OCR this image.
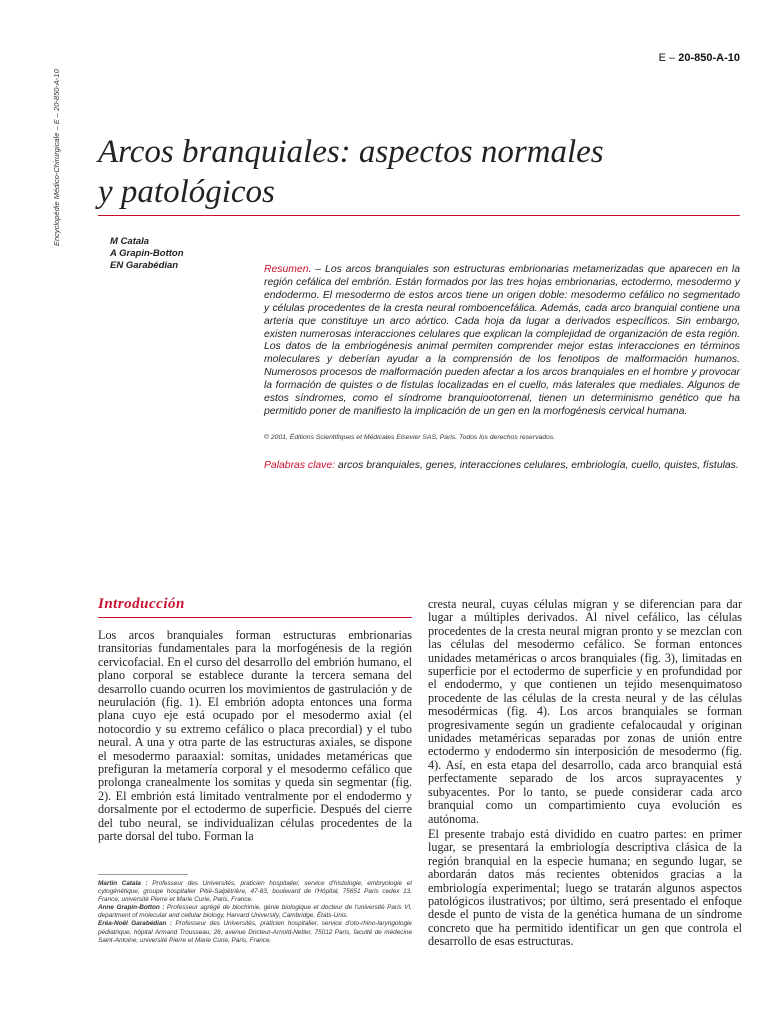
Encyclopédie Médico-Chirurgicale – E – 20-850-A-10
E – 20-850-A-10
Arcos branquiales: aspectos normales
y patológicos
M Catala
A Grapin-Botton
EN Garabédian	Resumen. – Los arcos branquiales son estructuras embrionarias metamerizadas que aparecen en la región cefálica del embrión. Están formados por las tres hojas embrionarias, ectodermo, mesodermo y endodermo. El mesodermo de estos arcos tiene un origen doble: mesodermo cefálico no segmentado y células procedentes de la cresta neural romboencefálica. Además, cada arco branquial contiene una arteria que constituye un arco aórtico. Cada hoja da lugar a derivados específicos. Sin embargo, existen numerosas interacciones celulares que explican la complejidad de organización de esta región. Los datos de la embriogénesis animal permiten comprender mejor estas interacciones en términos moleculares y deberían ayudar a la comprensión de los fenotipos de malformación humanos. Numerosos procesos de malformación pueden afectar a los arcos branquiales en el hombre y provocar la formación de quistes o de fístulas localizadas en el cuello, más laterales que mediales. Algunos de estos síndromes, como el síndrome branquiootorrenal, tienen un determinismo genético que ha permitido poner de manifiesto la implicación de un gen en la morfogénesis cervical humana.

© 2001, Éditions Scientifiques et Médicales Elsevier SAS, Paris. Todos los derechos reservados.

Palabras clave: arcos branquiales, genes, interacciones celulares, embriología, cuello, quistes, fístulas.

Introducción

Los arcos branquiales forman estructuras embrionarias transitorias fundamentales para la morfogénesis de la región cervicofacial. En el curso del desarrollo del embrión humano, el plano corporal se establece durante la tercera semana del desarrollo cuando ocurren los movimientos de gastrulación y de neurulación (fig. 1). El embrión adopta entonces una forma plana cuyo eje está ocupado por el mesodermo axial (el notocordio y su extremo cefálico o placa precordial) y el tubo neural. A una y otra parte de las estructuras axiales, se dispone el mesodermo paraaxial: somitas, unidades metaméricas que prefiguran la metamería corporal y el mesodermo cefálico que prolonga cranealmente los somitas y queda sin segmentar (fig. 2). El embrión está limitado ventralmente por el endodermo y dorsalmente por el ectodermo de superficie. Después del cierre del tubo neural, se individualizan células procedentes de la parte dorsal del tubo. Forman la

cresta neural, cuyas células migran y se diferencian para dar lugar a múltiples derivados. Al nivel cefálico, las células procedentes de la cresta neural migran pronto y se mezclan con las células del mesodermo cefálico. Se forman entonces unidades metaméricas o arcos branquiales (fig. 3), limitadas en superficie por el ectodermo de superficie y en profundidad por el endodermo, y que contienen un tejido mesenquimatoso procedente de las células de la cresta neural y de las células mesodérmicas (fig. 4). Los arcos branquiales se forman progresivamente según un gradiente cefalocaudal y originan unidades metaméricas separadas por zonas de unión entre ectodermo y endodermo sin interposición de mesodermo (fig. 4). Así, en esta etapa del desarrollo, cada arco branquial está perfectamente separado de los arcos suprayacentes y subyacentes. Por lo tanto, se puede considerar cada arco branquial como un compartimiento cuya evolución es autónoma.

El presente trabajo está dividido en cuatro partes: en primer lugar, se presentará la embriología descriptiva clásica de la región branquial en la especie humana; en segundo lugar, se abordarán datos más recientes obtenidos gracias a la embriología experimental; luego se tratarán algunos aspectos patológicos ilustrativos; por último, será presentado el enfoque desde el punto de vista de la genética humana de un síndrome concreto que ha permitido identificar un gen que controla el desarrollo de esas estructuras.

Martin Catala : Professeur des Universités, praticien hospitalier, service d'histologie, embryologie et cytogénétique, groupe hospitalier Pitié-Salpêtrière, 47-83, boulevard de l'Hôpital, 75651 Paris cedex 13, France, université Pierre et Marie Curie, Paris, France.

Anne Grapin-Botton : Professeur agrégé de biochimie, génie biologique et docteur de l'université Paris VI, department of molecular and cellular biology, Harvard University, Cambridge, États-Unis.

Eréa-Noël Garabédian : Professeur des Universités, praticien hospitalier, service d'oto-rhino-laryngologie pédiatrique, hôpital Armand Trousseau, 26, avenue Docteur-Arnold-Netter, 75012 Paris, faculté de médecine Saint-Antoine, université Pierre et Marie Curie, Paris, France.
